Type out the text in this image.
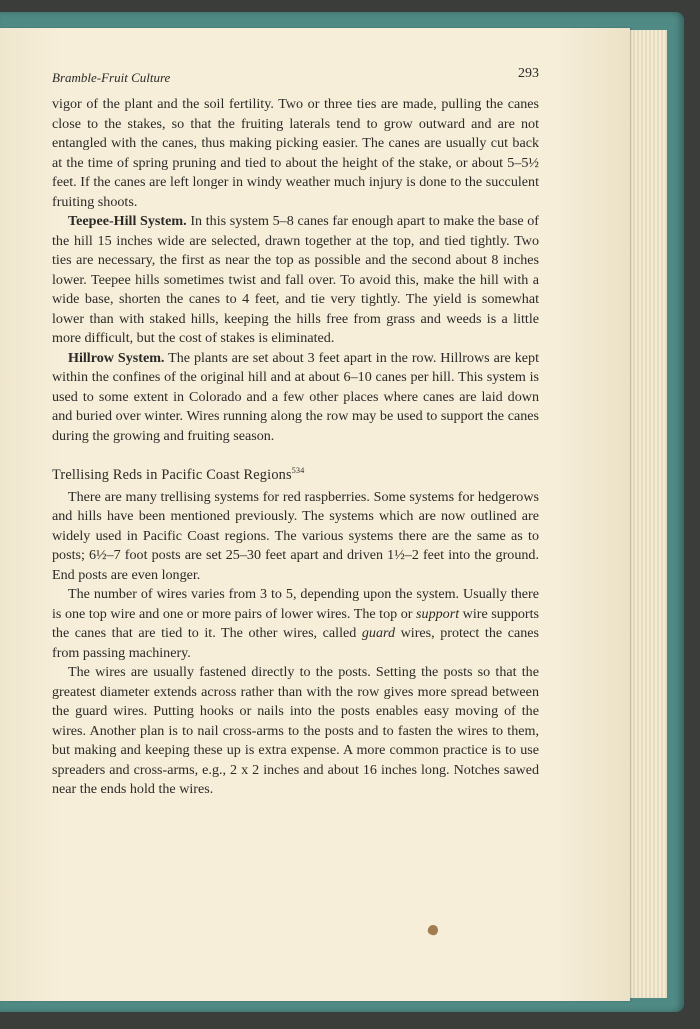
Bramble-Fruit Culture	293

vigor of the plant and the soil fertility. Two or three ties are made, pulling the canes close to the stakes, so that the fruiting laterals tend to grow outward and are not entangled with the canes, thus making picking easier. The canes are usually cut back at the time of spring pruning and tied to about the height of the stake, or about 5–5½ feet. If the canes are left longer in windy weather much injury is done to the succulent fruiting shoots.

Teepee-Hill System. In this system 5–8 canes far enough apart to make the base of the hill 15 inches wide are selected, drawn together at the top, and tied tightly. Two ties are necessary, the first as near the top as possible and the second about 8 inches lower. Teepee hills sometimes twist and fall over. To avoid this, make the hill with a wide base, shorten the canes to 4 feet, and tie very tightly. The yield is somewhat lower than with staked hills, keeping the hills free from grass and weeds is a little more difficult, but the cost of stakes is eliminated.

Hillrow System. The plants are set about 3 feet apart in the row. Hillrows are kept within the confines of the original hill and at about 6–10 canes per hill. This system is used to some extent in Colorado and a few other places where canes are laid down and buried over winter. Wires running along the row may be used to support the canes during the growing and fruiting season.

Trellising Reds in Pacific Coast Regions$^{534}$

There are many trellising systems for red raspberries. Some systems for hedgerows and hills have been mentioned previously. The systems which are now outlined are widely used in Pacific Coast regions. The various systems there are the same as to posts; 6½–7 foot posts are set 25–30 feet apart and driven 1½–2 feet into the ground. End posts are even longer.

The number of wires varies from 3 to 5, depending upon the system. Usually there is one top wire and one or more pairs of lower wires. The top or support wire supports the canes that are tied to it. The other wires, called guard wires, protect the canes from passing machinery.

The wires are usually fastened directly to the posts. Setting the posts so that the greatest diameter extends across rather than with the row gives more spread between the guard wires. Putting hooks or nails into the posts enables easy moving of the wires. Another plan is to nail cross-arms to the posts and to fasten the wires to them, but making and keeping these up is extra expense. A more common practice is to use spreaders and cross-arms, e.g., 2 x 2 inches and about 16 inches long. Notches sawed near the ends hold the wires.
